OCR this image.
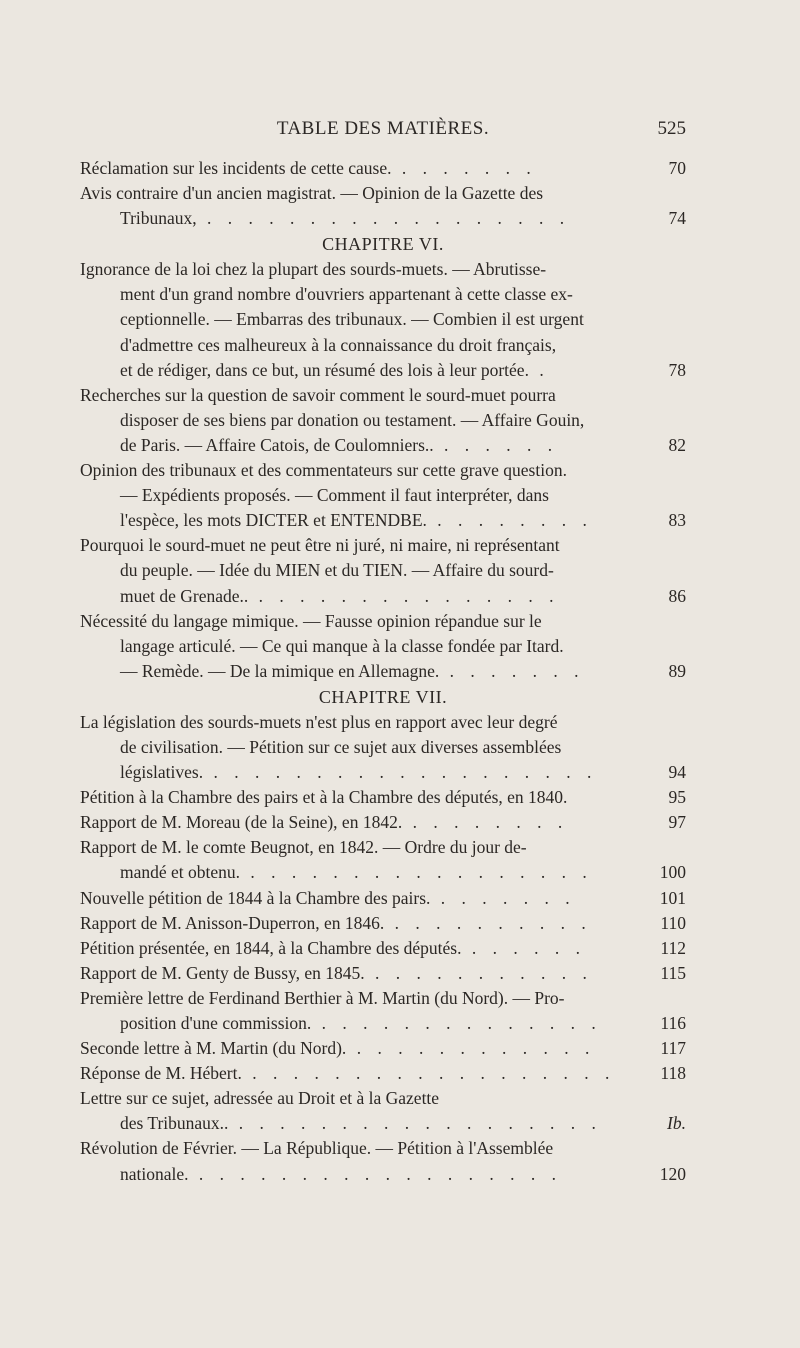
TABLE DES MATIÈRES.	525
Réclamation sur les incidents de cette cause. . . . . . . .	70
Avis contraire d'un ancien magistrat. — Opinion de la Gazette des
Tribunaux, . . . . . . . . . . . . . . . . . .	74
CHAPITRE VI.
Ignorance de la loi chez la plupart des sourds-muets. — Abrutisse-
ment d'un grand nombre d'ouvriers appartenant à cette classe ex-
ceptionnelle. — Embarras des tribunaux. — Combien il est urgent
d'admettre ces malheureux à la connaissance du droit français,
et de rédiger, dans ce but, un résumé des lois à leur portée. .	78
Recherches sur la question de savoir comment le sourd-muet pourra
disposer de ses biens par donation ou testament. — Affaire Gouin,
de Paris. — Affaire Catois, de Coulomniers.. . . . . . .	82
Opinion des tribunaux et des commentateurs sur cette grave question.
— Expédients proposés. — Comment il faut interpréter, dans
l'espèce, les mots DICTER et ENTENDBE. . . . . . . . .	83
Pourquoi le sourd-muet ne peut être ni juré, ni maire, ni représentant
du peuple. — Idée du MIEN et du TIEN. — Affaire du sourd-
muet de Grenade.. . . . . . . . . . . . . . . .	86
Nécessité du langage mimique. — Fausse opinion répandue sur le
langage articulé. — Ce qui manque à la classe fondée par Itard.
— Remède. — De la mimique en Allemagne. . . . . . . .	89
CHAPITRE VII.
La législation des sourds-muets n'est plus en rapport avec leur degré
de civilisation. — Pétition sur ce sujet aux diverses assemblées
législatives. . . . . . . . . . . . . . . . . . . .	94
Pétition à la Chambre des pairs et à la Chambre des députés, en 1840.	95
Rapport de M. Moreau (de la Seine), en 1842. . . . . . . . .	97
Rapport de M. le comte Beugnot, en 1842. — Ordre du jour de-
mandé et obtenu. . . . . . . . . . . . . . . . . .	100
Nouvelle pétition de 1844 à la Chambre des pairs. . . . . . . .	101
Rapport de M. Anisson-Duperron, en 1846. . . . . . . . . . .	110
Pétition présentée, en 1844, à la Chambre des députés. . . . . . .	112
Rapport de M. Genty de Bussy, en 1845. . . . . . . . . . . .	115
Première lettre de Ferdinand Berthier à M. Martin (du Nord). — Pro-
position d'une commission. . . . . . . . . . . . . . .	116
Seconde lettre à M. Martin (du Nord). . . . . . . . . . . . .	117
Réponse de M. Hébert. . . . . . . . . . . . . . . . . . .	118
Lettre sur ce sujet, adressée au Droit et à la Gazette
des Tribunaux.. . . . . . . . . . . . . . . . . . .	Ib.
Révolution de Février. — La République. — Pétition à l'Assemblée
nationale. . . . . . . . . . . . . . . . . . .	120
